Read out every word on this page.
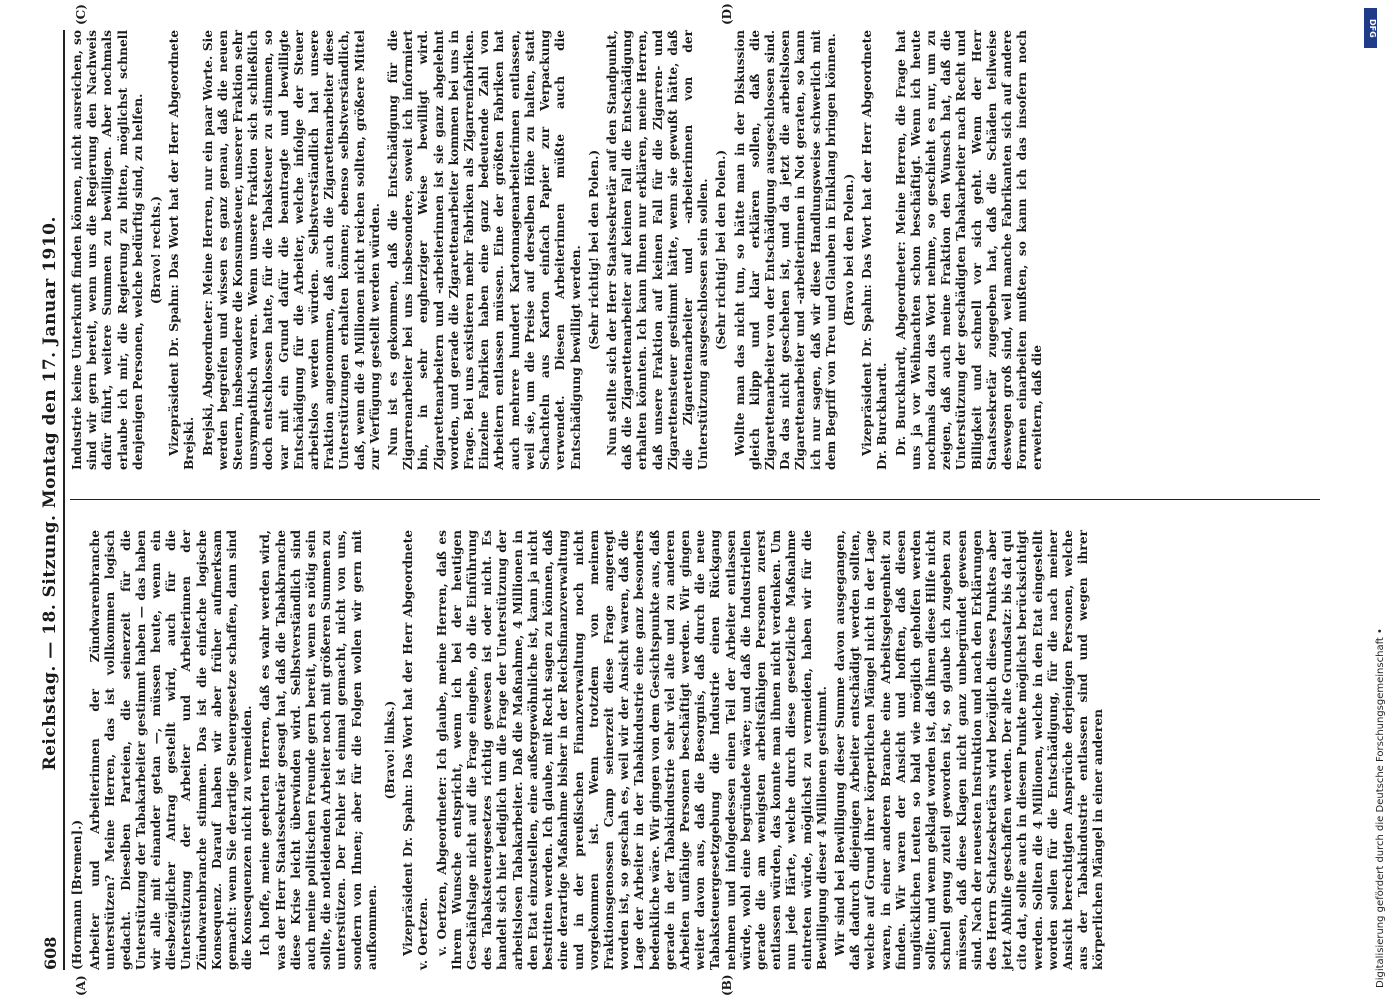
608
Reichstag. — 18. Sitzung. Montag den 17. Januar 1910.

(Hormann [Bremen].) Arbeiter und Arbeiterinnen der Zündwarenbranche unterstützen? Meine Herren, das ist vollkommen logisch gedacht. Dieselben Parteien, die seinerzeit für die Unterstützung der Tabakarbeiter gestimmt haben — das haben wir alle mit einander getan —, müssen heute, wenn ein diesbezüglicher Antrag gestellt wird, auch für die Unterstützung der Arbeiter und Arbeiterinnen der Zündwarenbranche stimmen. Das ist die einfache logische Konsequenz. Darauf haben wir aber früher aufmerksam gemacht: wenn Sie derartige Steuergesetze schaffen, dann sind die Konsequenzen nicht zu vermeiden. Ich hoffe, meine geehrten Herren, daß es wahr werden wird, was der Herr Staatssekretär gesagt hat, daß die Tabakbranche diese Krise leicht überwinden wird. Selbstverständlich sind auch meine politischen Freunde gern bereit, wenn es nötig sein sollte, die notleidenden Arbeiter noch mit größeren Summen zu unterstützen. Der Fehler ist einmal gemacht, nicht von uns, sondern von Ihnen; aber für die Folgen wollen wir gern mit aufkommen.

(Bravo! links.) Vizepräsident Dr. Spahn: Das Wort hat der Herr Abgeordnete v. Oertzen. v. Oertzen, Abgeordneter: Ich glaube, meine Herren, daß es Ihrem Wunsche entspricht, wenn ich bei der heutigen Geschäftslage nicht auf die Frage eingehe, ob die Einführung des Tabaksteuergesetzes richtig gewesen ist oder nicht. Es handelt sich hier lediglich um die Frage der Unterstützung der arbeitslosen Tabakarbeiter. Daß die Maßnahme, 4 Millionen in den Etat einzustellen, eine außergewöhnliche ist, kann ja nicht bestritten werden. Ich glaube, mit Recht sagen zu können, daß eine derartige Maßnahme bisher in der Reichsfinanzverwaltung und in der preußischen Finanzverwaltung noch nicht vorgekommen ist. Wenn trotzdem von meinem Fraktionsgenossen Camp seinerzeit diese Frage angeregt worden ist, so geschah es, weil wir der Ansicht waren, daß die Lage der Arbeiter in der Tabakindustrie eine ganz besonders bedenkliche wäre. Wir gingen von dem Gesichtspunkte aus, daß gerade in der Tabakindustrie sehr viel alte und zu anderen Arbeiten unfähige Personen beschäftigt werden. Wir gingen weiter davon aus, daß die Besorgnis, daß durch die neue Tabaksteuergesetzgebung die Industrie einen Rückgang nehmen und infolgedessen einen Teil der Arbeiter entlassen würde, wohl eine begründete wäre; und daß die Industriellen gerade die am wenigsten arbeitsfähigen Personen zuerst entlassen würden, das konnte man ihnen nicht verdenken. Um nun jede Härte, welche durch diese gesetzliche Maßnahme eintreten würde, möglichst zu vermeiden, haben wir für die Bewilligung dieser 4 Millionen gestimmt. Wir sind bei Bewilligung dieser Summe davon ausgegangen, daß dadurch diejenigen Arbeiter entschädigt werden sollten, welche auf Grund ihrer körperlichen Mängel nicht in der Lage waren, in einer anderen Branche eine Arbeitsgelegenheit zu finden. Wir waren der Ansicht und hofften, daß diesen unglücklichen Leuten so bald wie möglich geholfen werden sollte; und wenn geklagt worden ist, daß ihnen diese Hilfe nicht schnell genug zuteil geworden ist, so glaube ich zugeben zu müssen, daß diese Klagen nicht ganz unbegründet gewesen sind. Nach der neuesten Instruktion und nach den Erklärungen des Herrn Schatzsekretärs wird bezüglich dieses Punktes aber jetzt Abhilfe geschaffen werden. Der alte Grundsatz: bis dat qui cito dat, sollte auch in diesem Punkte möglichst berücksichtigt werden. Sollten die 4 Millionen, welche in den Etat eingestellt worden sollen für die Entschädigung, für die nach meiner Ansicht berechtigten Ansprüche derjenigen Personen, welche aus der Tabakindustrie entlassen sind und wegen ihrer körperlichen Mängel in einer anderen

Industrie keine Unterkunft finden können, nicht ausreichen, so sind wir gern bereit, wenn uns die Regierung den Nachweis dafür führt, weitere Summen zu bewilligen. Aber nochmals erlaube ich mir, die Regierung zu bitten, möglichst schnell denjenigen Personen, welche bedürftig sind, zu helfen. (Bravo! rechts.) Vizepräsident Dr. Spahn: Das Wort hat der Herr Abgeordnete Brejski. Brejski, Abgeordneter: Meine Herren, nur ein paar Worte. Sie werden begreifen und wissen es ganz genau, daß die neuen Steuern, insbesondere die Konsumsteuer, unserer Fraktion sehr unsympathisch waren. Wenn unsere Fraktion sich schließlich doch entschlossen hatte, für die Tabaksteuer zu stimmen, so war mit ein Grund dafür die beantragte und bewilligte Entschädigung für die Arbeiter, welche infolge der Steuer arbeitslos werden würden. Selbstverständlich hat unsere Fraktion angenommen, daß auch die Zigarettenarbeiter diese Unterstützungen erhalten können; ebenso selbstverständlich, daß, wenn die 4 Millionen nicht reichen sollten, größere Mittel zur Verfügung gestellt werden würden. Nun ist es gekommen, daß die Entschädigung für die Zigarrenarbeiter bei uns insbesondere, soweit ich informiert bin, in sehr engherziger Weise bewilligt wird. Zigarettenarbeitern und -arbeiterinnen ist sie ganz abgelehnt worden, und gerade die Zigarettenarbeiter kommen bei uns in Frage. Bei uns existieren mehr Fabriken als Zigarrenfabriken. Einzelne Fabriken haben eine ganz bedeutende Zahl von Arbeitern entlassen müssen. Eine der größten Fabriken hat auch mehrere hundert Kartonnagenarbeiterinnen entlassen, weil sie, um die Preise auf derselben Höhe zu halten, statt Schachteln aus Karton einfach Papier zur Verpackung verwendet. Diesen Arbeiterinnen müßte auch die Entschädigung bewilligt werden. (Sehr richtig! bei den Polen.) Nun stellte sich der Herr Staatssekretär auf den Standpunkt, daß die Zigarettenarbeiter auf keinen Fall die Entschädigung erhalten könnten. Ich kann Ihnen nur erklären, meine Herren, daß unsere Fraktion auf keinen Fall für die Zigarren- und Zigarettensteuer gestimmt hätte, wenn sie gewußt hätte, daß die Zigarettenarbeiter und -arbeiterinnen von der Unterstützung ausgeschlossen sein sollen. (Sehr richtig! bei den Polen.) Wollte man das nicht tun, so hätte man in der Diskussion gleich klipp und klar erklären sollen, daß die Zigarettenarbeiter von der Entschädigung ausgeschlossen sind. Da das nicht geschehen ist, und da jetzt die arbeitslosen Zigarettenarbeiter und -arbeiterinnen in Not geraten, so kann ich nur sagen, daß wir diese Handlungsweise schwerlich mit dem Begriff von Treu und Glauben in Einklang bringen können. (Bravo bei den Polen.) Vizepräsident Dr. Spahn: Das Wort hat der Herr Abgeordnete Dr. Burckhardt. Dr. Burckhardt, Abgeordneter: Meine Herren, die Frage hat uns ja vor Weihnachten schon beschäftigt. Wenn ich heute nochmals dazu das Wort nehme, so geschieht es nur, um zu zeigen, daß auch meine Fraktion den Wunsch hat, daß die Unterstützung der geschädigten Tabakarbeiter nach Recht und Billigkeit und schnell vor sich geht. Wenn der Herr Staatssekretär zugegeben hat, daß die Schäden teilweise deswegen groß sind, weil manche Fabrikanten sich auf andere Formen einarbeiten mußten, so kann ich das insofern noch erweitern, daß die

(A)	(B)
(C)	(D)
DFG
Digitalisierung gefördert durch die Deutsche Forschungsgemeinschaft •
